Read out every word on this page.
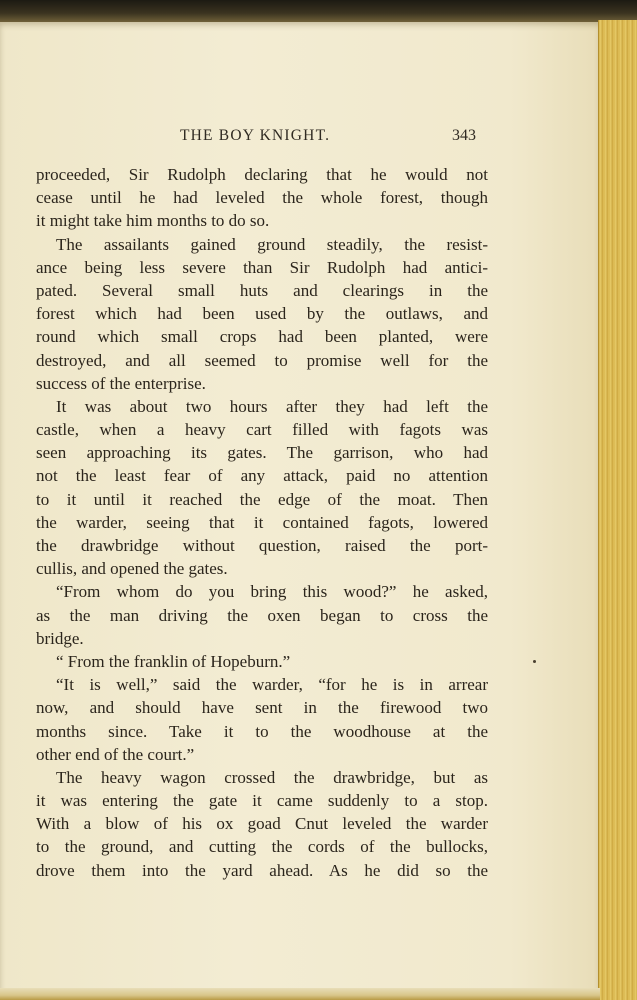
THE BOY KNIGHT.	343
proceeded, Sir Rudolph declaring that he would not
cease until he had leveled the whole forest, though
it might take him months to do so.
The assailants gained ground steadily, the resist-
ance being less severe than Sir Rudolph had antici-
pated. Several small huts and clearings in the
forest which had been used by the outlaws, and
round which small crops had been planted, were
destroyed, and all seemed to promise well for the
success of the enterprise.
It was about two hours after they had left the
castle, when a heavy cart filled with fagots was
seen approaching its gates. The garrison, who had
not the least fear of any attack, paid no attention
to it until it reached the edge of the moat. Then
the warder, seeing that it contained fagots, lowered
the drawbridge without question, raised the port-
cullis, and opened the gates.
“From whom do you bring this wood?” he asked,
as the man driving the oxen began to cross the
bridge.
“ From the franklin of Hopeburn.”
“It is well,” said the warder, “for he is in arrear
now, and should have sent in the firewood two
months since. Take it to the woodhouse at the
other end of the court.”
The heavy wagon crossed the drawbridge, but as
it was entering the gate it came suddenly to a stop.
With a blow of his ox goad Cnut leveled the warder
to the ground, and cutting the cords of the bullocks,
drove them into the yard ahead. As he did so the
